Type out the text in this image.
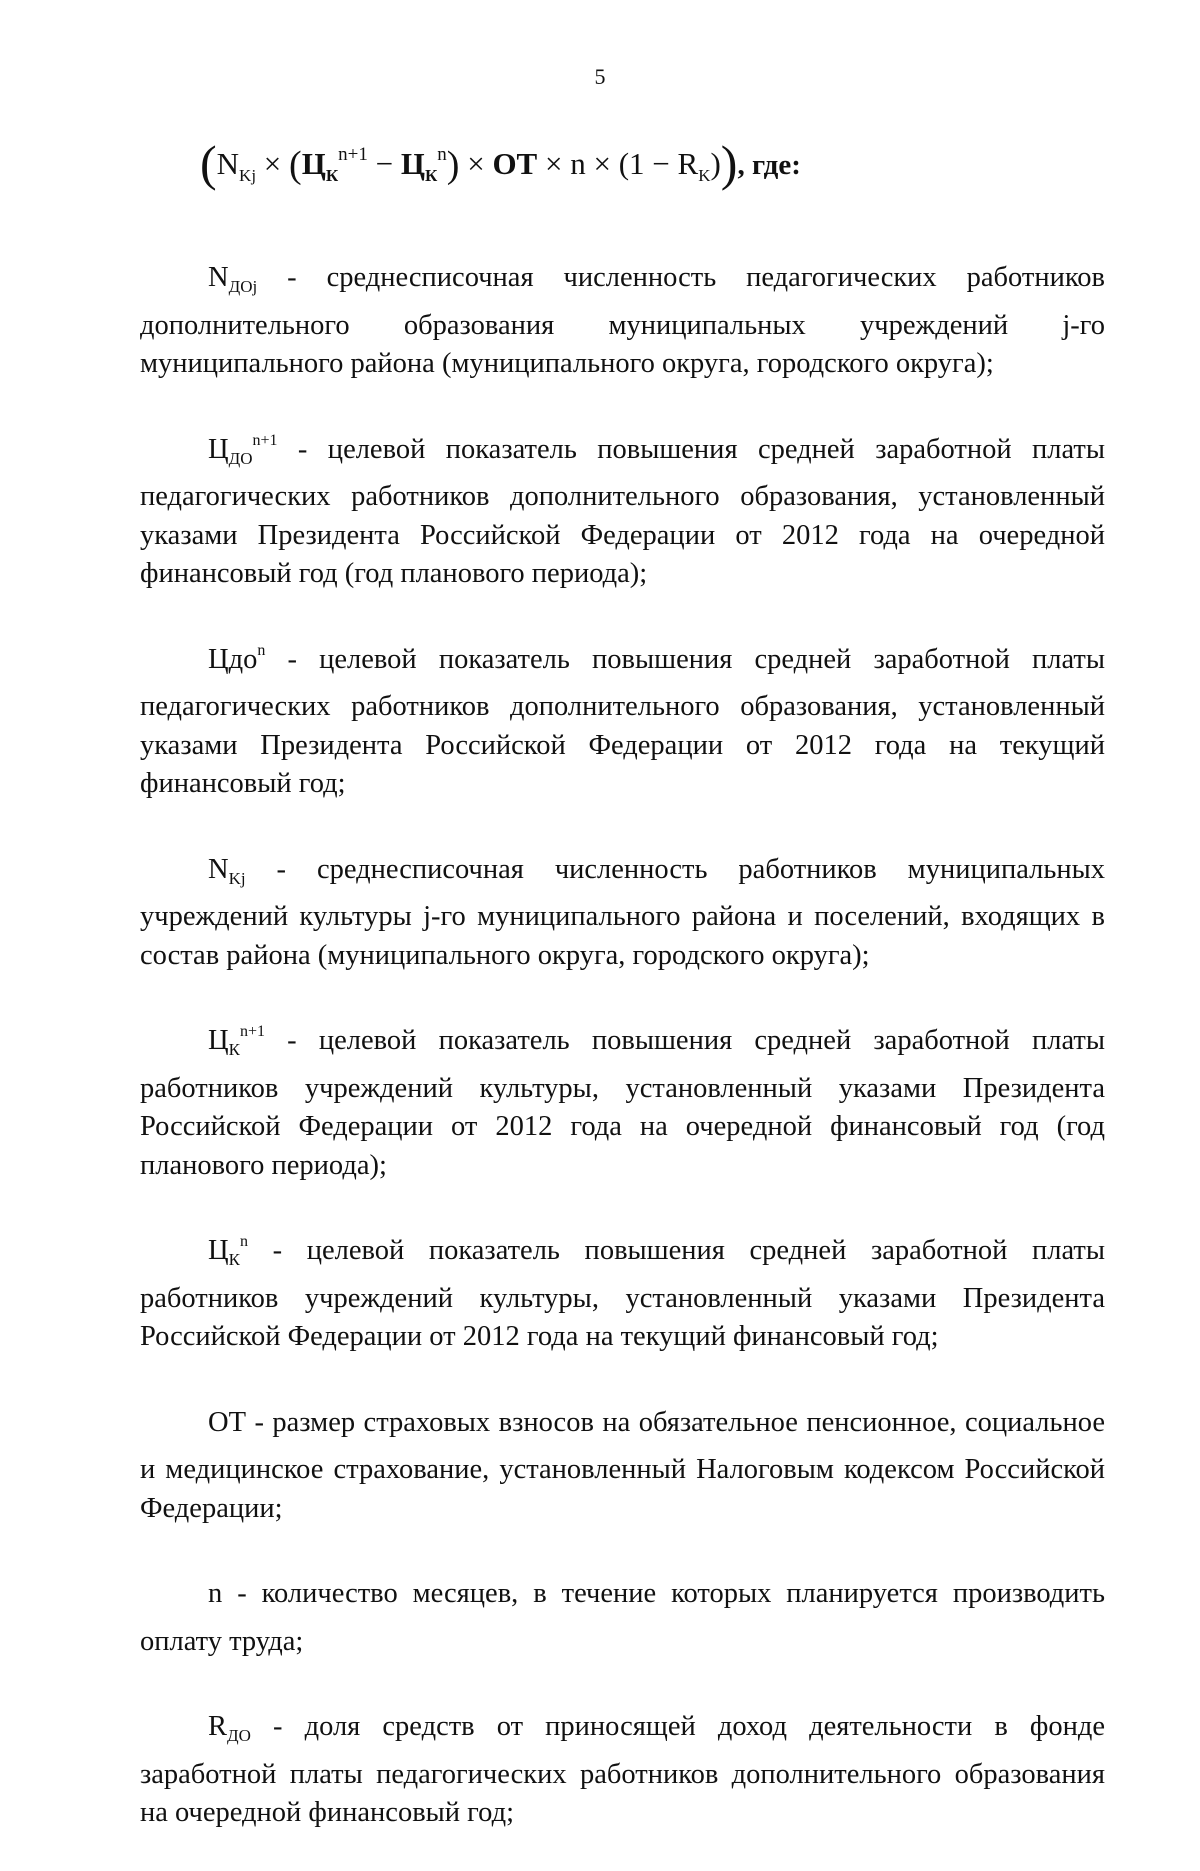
5
($N_{Kj} \times (Ц_К^{n+1} - Ц_К^n)$ × ОТ × $n \times (1 - R_K)$), где:

$N_{ДОj}$ - среднесписочная численность педагогических работников дополнительного образования муниципальных учреждений j-го муниципального района (муниципального округа, городского округа);

$Ц_{ДО}^{n+1}$ - целевой показатель повышения средней заработной платы педагогических работников дополнительного образования, установленный указами Президента Российской Федерации от 2012 года на очередной финансовый год (год планового периода);

Цдо$^n$ - целевой показатель повышения средней заработной платы педагогических работников дополнительного образования, установленный указами Президента Российской Федерации от 2012 года на текущий финансовый год;

$N_{Kj}$ - среднесписочная численность работников муниципальных учреждений культуры j-го муниципального района и поселений, входящих в состав района (муниципального округа, городского округа);

$Ц_К^{n+1}$ - целевой показатель повышения средней заработной платы работников учреждений культуры, установленный указами Президента Российской Федерации от 2012 года на очередной финансовый год (год планового периода);

$Ц_К^n$ - целевой показатель повышения средней заработной платы работников учреждений культуры, установленный указами Президента Российской Федерации от 2012 года на текущий финансовый год;

ОТ - размер страховых взносов на обязательное пенсионное, социальное и медицинское страхование, установленный Налоговым кодексом Российской Федерации;

n - количество месяцев, в течение которых планируется производить оплату труда;

$R_{ДО}$ - доля средств от приносящей доход деятельности в фонде заработной платы педагогических работников дополнительного образования на очередной финансовый год;
